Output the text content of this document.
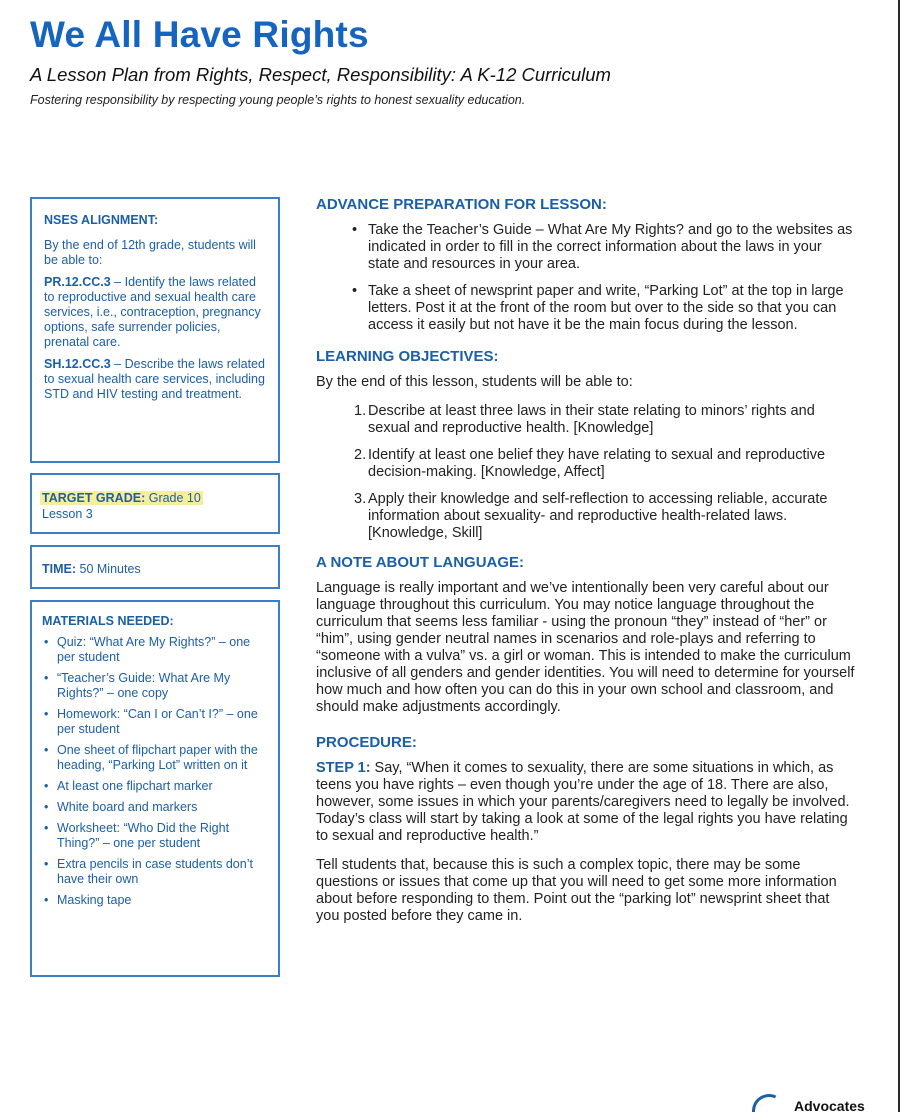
We All Have Rights
A Lesson Plan from Rights, Respect, Responsibility: A K-12 Curriculum
Fostering responsibility by respecting young people’s rights to honest sexuality education.
NSES ALIGNMENT:
By the end of 12th grade, students will be able to:
PR.12.CC.3 – Identify the laws related to reproductive and sexual health care services, i.e., contraception, pregnancy options, safe surrender policies, prenatal care.
SH.12.CC.3 – Describe the laws related to sexual health care services, including STD and HIV testing and treatment.
TARGET GRADE: Grade 10
Lesson 3
TIME: 50 Minutes
MATERIALS NEEDED:
• Quiz: “What Are My Rights?” – one per student
• “Teacher’s Guide: What Are My Rights?” – one copy
• Homework: “Can I or Can’t I?” – one per student
• One sheet of flipchart paper with the heading, “Parking Lot” written on it
• At least one flipchart marker
• White board and markers
• Worksheet: “Who Did the Right Thing?” – one per student
• Extra pencils in case students don’t have their own
• Masking tape
ADVANCE PREPARATION FOR LESSON:
• Take the Teacher’s Guide – What Are My Rights? and go to the websites as indicated in order to fill in the correct information about the laws in your state and resources in your area.
• Take a sheet of newsprint paper and write, “Parking Lot” at the top in large letters. Post it at the front of the room but over to the side so that you can access it easily but not have it be the main focus during the lesson.
LEARNING OBJECTIVES:
By the end of this lesson, students will be able to:
1. Describe at least three laws in their state relating to minors’ rights and sexual and reproductive health. [Knowledge]
2. Identify at least one belief they have relating to sexual and reproductive decision-making. [Knowledge, Affect]
3. Apply their knowledge and self-reflection to accessing reliable, accurate information about sexuality- and reproductive health-related laws. [Knowledge, Skill]
A NOTE ABOUT LANGUAGE:

Language is really important and we’ve intentionally been very careful about our language throughout this curriculum. You may notice language throughout the curriculum that seems less familiar - using the pronoun “they” instead of “her” or “him”, using gender neutral names in scenarios and role-plays and referring to “someone with a vulva” vs. a girl or woman. This is intended to make the curriculum inclusive of all genders and gender identities. You will need to determine for yourself how much and how often you can do this in your own school and classroom, and should make adjustments accordingly.

PROCEDURE:

STEP 1: Say, “When it comes to sexuality, there are some situations in which, as teens you have rights – even though you’re under the age of 18. There are also, however, some issues in which your parents/caregivers need to legally be involved. Today’s class will start by taking a look at some of the legal rights you have relating to sexual and reproductive health.”

Tell students that, because this is such a complex topic, there may be some questions or issues that come up that you will need to get some more information about before responding to them. Point out the “parking lot” newsprint sheet that you posted before they came in.

Advocates
